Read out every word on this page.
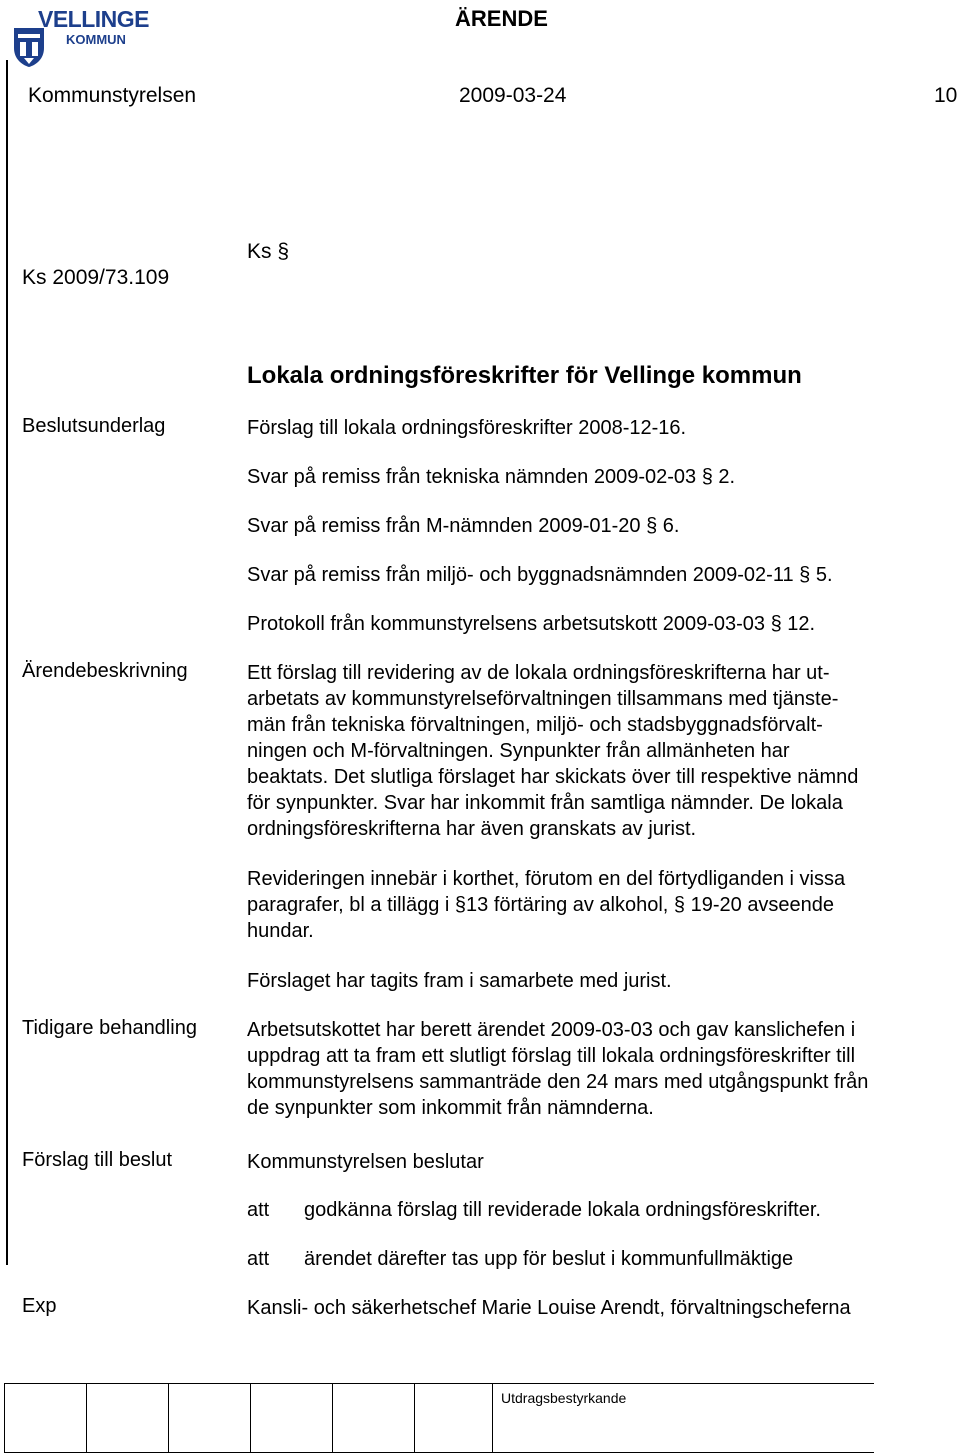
VELLINGE
KOMMUN
ÄRENDE
Kommunstyrelsen	2009-03-24	10
Ks 2009/73.109
Ks §
Lokala ordningsföreskrifter för Vellinge kommun
Beslutsunderlag	Förslag till lokala ordningsföreskrifter 2008-12-16.
Svar på remiss från tekniska nämnden 2009-02-03 § 2.
Svar på remiss från M-nämnden 2009-01-20 § 6.
Svar på remiss från miljö- och byggnadsnämnden 2009-02-11 § 5.
Protokoll från kommunstyrelsens arbetsutskott 2009-03-03 § 12.
Ärendebeskrivning	Ett förslag till revidering av de lokala ordningsföreskrifterna har ut-
arbetats av kommunstyrelseförvaltningen tillsammans med tjänste-
män från tekniska förvaltningen, miljö- och stadsbyggnadsförvalt-
ningen och M-förvaltningen. Synpunkter från allmänheten har
beaktats. Det slutliga förslaget har skickats över till respektive nämnd
för synpunkter. Svar har inkommit från samtliga nämnder. De lokala
ordningsföreskrifterna har även granskats av jurist.
Revideringen innebär i korthet, förutom en del förtydliganden i vissa
paragrafer, bl a tillägg i §13 förtäring av alkohol, § 19-20 avseende
hundar.
Förslaget har tagits fram i samarbete med jurist.
Tidigare behandling	Arbetsutskottet har berett ärendet 2009-03-03 och gav kanslichefen i
uppdrag att ta fram ett slutligt förslag till lokala ordningsföreskrifter till
kommunstyrelsens sammanträde den 24 mars med utgångspunkt från
de synpunkter som inkommit från nämnderna.
Förslag till beslut	Kommunstyrelsen beslutar
att	godkänna förslag till reviderade lokala ordningsföreskrifter.
att	ärendet därefter tas upp för beslut i kommunfullmäktige
Exp	Kansli- och säkerhetschef Marie Louise Arendt, förvaltningscheferna
Utdragsbestyrkande
